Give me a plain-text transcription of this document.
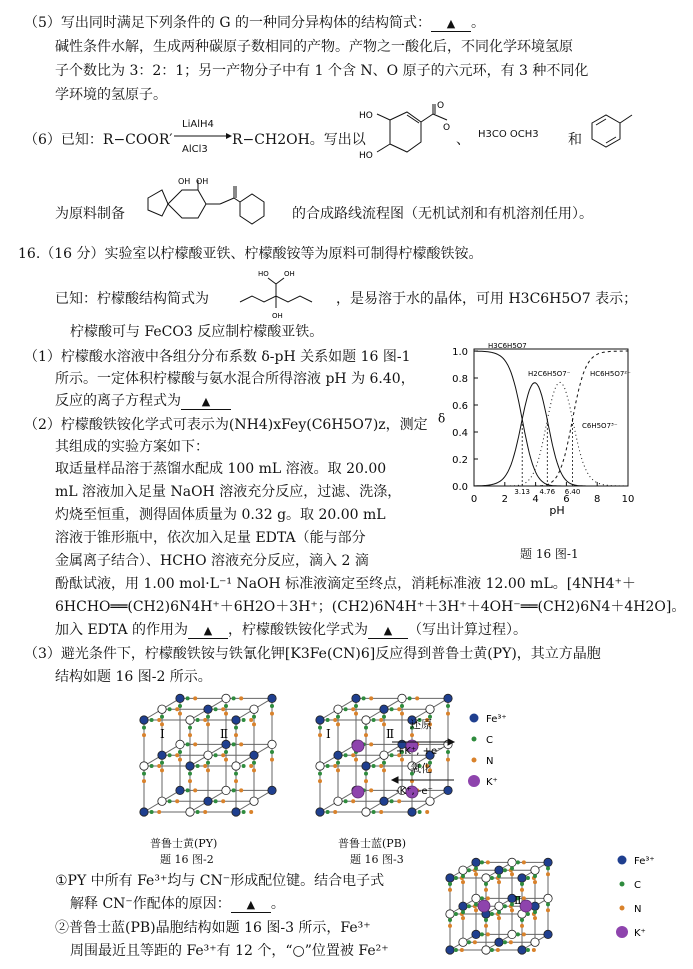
（5）写出同时满足下列条件的 G 的一种同分异构体的结构简式： ▲ 。
碱性条件水解，生成两种碳原子数相同的产物。产物之一酸化后，不同化学环境氢原
子个数比为 3：2：1；另一产物分子中有 1 个含 N、O 原子的六元环，有 3 种不同化
学环境的氢原子。
（6）已知：R−COOR′
LiAlH4
AlCl3
R−CH2OH。写出以
HO
HO
O
O
、 H3CO OCH3 和
为原料制备
OH OH
的合成路线流程图（无机试剂和有机溶剂任用）。
16.（16 分）实验室以柠檬酸亚铁、柠檬酸铵等为原料可制得柠檬酸铁铵。
已知：柠檬酸结构简式为
HO OH
OH
，是易溶于水的晶体，可用 H3C6H5O7 表示；
柠檬酸可与 FeCO3 反应制柠檬酸亚铁。
（1）柠檬酸水溶液中各组分分布系数 δ-pH 关系如题 16 图-1
所示。一定体积柠檬酸与氨水混合所得溶液 pH 为 6.40，
反应的离子方程式为 ▲
（2）柠檬酸铁铵化学式可表示为(NH4)xFey(C6H5O7)z，测定
其组成的实验方案如下：
取适量样品溶于蒸馏水配成 100 mL 溶液。取 20.00
mL 溶液加入足量 NaOH 溶液充分反应，过滤、洗涤，
灼烧至恒重，测得固体质量为 0.32 g。取 20.00 mL
溶液于锥形瓶中，依次加入足量 EDTA（能与部分
金属离子结合）、HCHO 溶液充分反应，滴入 2 滴
酚酞试液，用 1.00 mol·L⁻¹ NaOH 标准液滴定至终点，消耗标准液 12.00 mL。[4NH4⁺＋
6HCHO══(CH2)6N4H⁺＋6H2O＋3H⁺；(CH2)6N4H⁺＋3H⁺＋4OH⁻══(CH2)6N4＋4H2O]。
加入 EDTA 的作用为 ▲ ，柠檬酸铁铵化学式为 ▲ （写出计算过程）。
（3）避光条件下，柠檬酸铁铵与铁氰化钾[K3Fe(CN)6]反应得到普鲁士黄(PY)，其立方晶胞
结构如题 16 图-2 所示。
0.0
0.2
0.4
0.6
0.8
1.0
0 2 4 6 8 10
pH
δ
3.13 4.76 6.40
H3C6H5O7
H2C6H5O7⁻	HC6H5O7²⁻
C6H5O7³⁻
题 16 图-1
还原
+K⁺, +e⁻
氧化
-K⁺, -e⁻
Ⅰ	Ⅱ	Ⅰ	Ⅱ
Fe³⁺
C
N
K⁺
普鲁士黄(PY)
题 16 图-2
普鲁士蓝(PB)
题 16 图-3
①PY 中所有 Fe³⁺均与 CN⁻形成配位键。结合电子式
解释 CN⁻作配体的原因： ▲ 。
②普鲁士蓝(PB)晶胞结构如题 16 图-3 所示，Fe³⁺
周围最近且等距的 Fe³⁺有 12 个，“○”位置被 Fe²⁺
Ⅱ
Fe³⁺
C
N
K⁺
